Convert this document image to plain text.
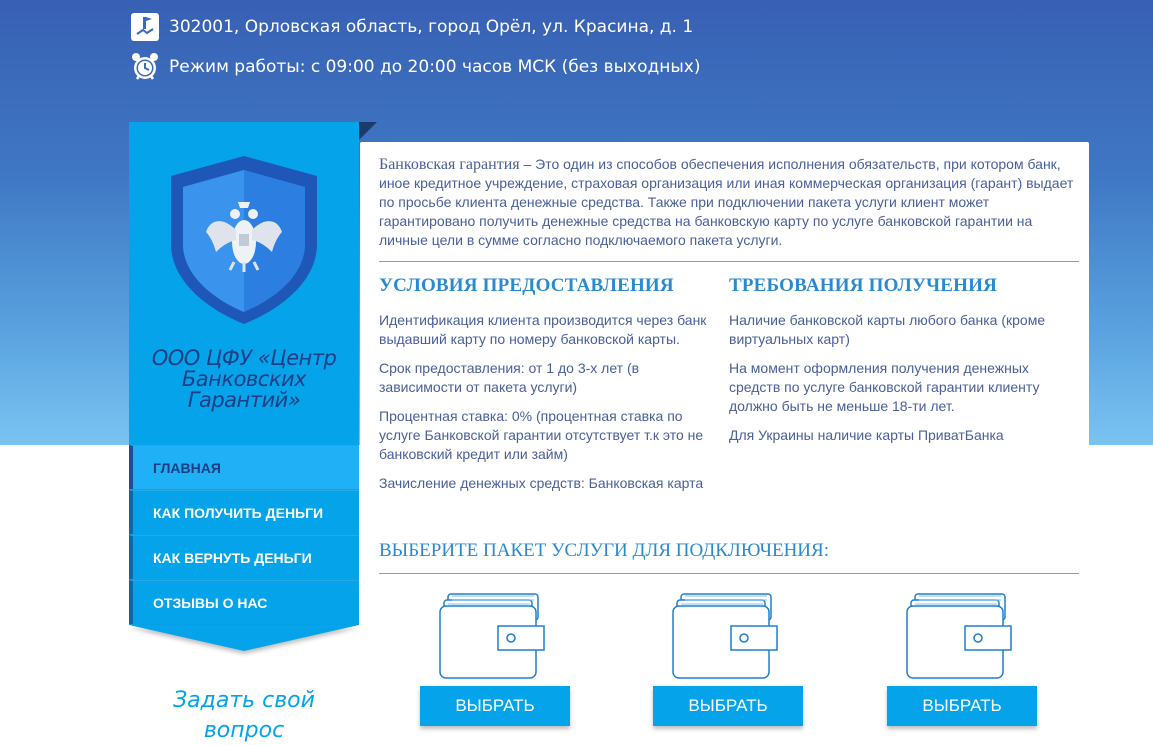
302001, Орловская область, город Орёл, ул. Красина, д. 1
Режим работы: с 09:00 до 20:00 часов МСК (без выходных)
ООО ЦФУ «Центр
Банковских
Гарантий»
ГЛАВНАЯ
КАК ПОЛУЧИТЬ ДЕНЬГИ
КАК ВЕРНУТЬ ДЕНЬГИ
ОТЗЫВЫ О НАС
Задать свой
вопрос

Банковская гарантия – Это один из способов обеспечения исполнения обязательств, при котором банк, иное кредитное учреждение, страховая организация или иная коммерческая организация (гарант) выдает по просьбе клиента денежные средства. Также при подключении пакета услуги клиент может гарантировано получить денежные средства на банковскую карту по услуге банковской гарантии на личные цели в сумме согласно подключаемого пакета услуги.

УСЛОВИЯ ПРЕДОСТАВЛЕНИЯ

Идентификация клиента производится через банк выдавший карту по номеру банковской карты.

Срок предоставления: от 1 до 3-х лет (в зависимости от пакета услуги)

Процентная ставка: 0% (процентная ставка по услуге Банковской гарантии отсутствует т.к это не банковский кредит или займ)

Зачисление денежных средств: Банковская карта

ТРЕБОВАНИЯ ПОЛУЧЕНИЯ

Наличие банковской карты любого банка (кроме виртуальных карт)

На момент оформления получения денежных средств по услуге банковской гарантии клиенту должно быть не меньше 18-ти лет.

Для Украины наличие карты ПриватБанка

ВЫБЕРИТЕ ПАКЕТ УСЛУГИ ДЛЯ ПОДКЛЮЧЕНИЯ:
ВЫБРАТЬ	ВЫБРАТЬ	ВЫБРАТЬ
